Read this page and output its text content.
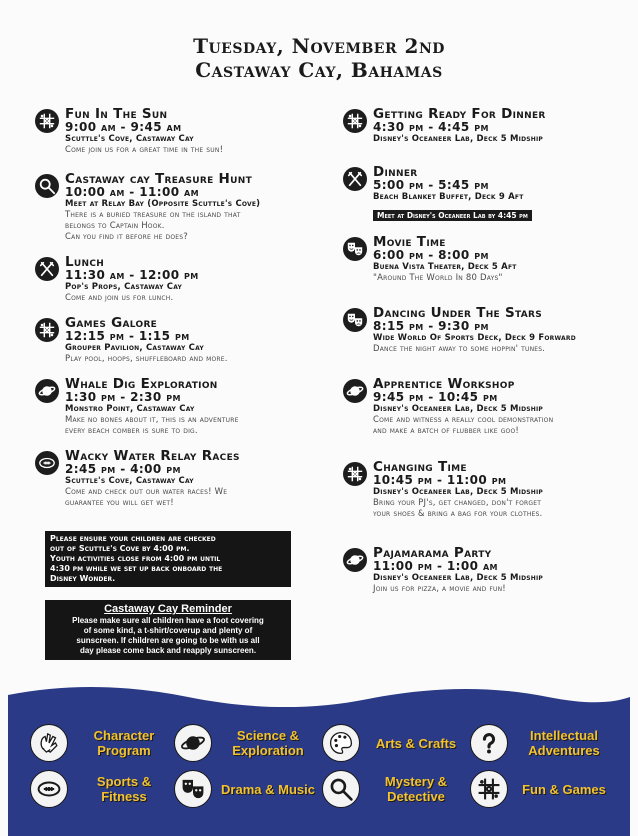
Tuesday, November 2nd
Castaway Cay, Bahamas
Fun In The Sun
9:00 am - 9:45 am
Scuttle's Cove, Castaway Cay
Come join us for a great time in the sun!
Castaway cay Treasure Hunt
10:00 am - 11:00 am
Meet at Relay Bay (Opposite Scuttle's Cove)
There is a buried treasure on the island that
belongs to Captain Hook.
Can you find it before he does?
Lunch
11:30 am - 12:00 pm
Pop's Props, Castaway Cay
Come and join us for lunch.
Games Galore
12:15 pm - 1:15 pm
Grouper Pavilion, Castaway Cay
Play pool, hoops, shuffleboard and more.
Whale Dig Exploration
1:30 pm - 2:30 pm
Monstro Point, Castaway Cay
Make no bones about it, this is an adventure
every beach comber is sure to dig.
Wacky Water Relay Races
2:45 pm - 4:00 pm
Scuttle's Cove, Castaway Cay
Come and check out our water races! We
guarantee you will get wet!
Getting Ready For Dinner
4:30 pm - 4:45 pm
Disney's Oceaneer Lab, Deck 5 Midship
Dinner
5:00 pm - 5:45 pm
Beach Blanket Buffet, Deck 9 Aft
Meet at Disney's Oceaneer Lab by 4:45 pm
Movie Time
6:00 pm - 8:00 pm
Buena Vista Theater, Deck 5 Aft
"Around The World In 80 Days"
Dancing Under The Stars
8:15 pm - 9:30 pm
Wide World Of Sports Deck, Deck 9 Forward
Dance the night away to some hoppin' tunes.
Apprentice Workshop
9:45 pm - 10:45 pm
Disney's Oceaneer Lab, Deck 5 Midship
Come and witness a really cool demonstration
and make a batch of flubber like goo!
Changing Time
10:45 pm - 11:00 pm
Disney's Oceaneer Lab, Deck 5 Midship
Bring your PJ's, get changed, don't forget
your shoes & bring a bag for your clothes.
Pajamarama Party
11:00 pm - 1:00 am
Disney's Oceaneer Lab, Deck 5 Midship
Join us for pizza, a movie and fun!
Please ensure your children are checked
out of Scuttle's Cove by 4:00 pm.
Youth activities close from 4:00 pm until
4:30 pm while we set up back onboard the
Disney Wonder.
Castaway Cay Reminder
Please make sure all children have a foot covering
of some kind, a t-shirt/coverup and plenty of
sunscreen. If children are going to be with us all
day please come back and reapply sunscreen.
Character Program
Science & Exploration	Arts & Crafts	Intellectual Adventures
Sports & Fitness	Drama & Music	Mystery & Detective	Fun & Games
